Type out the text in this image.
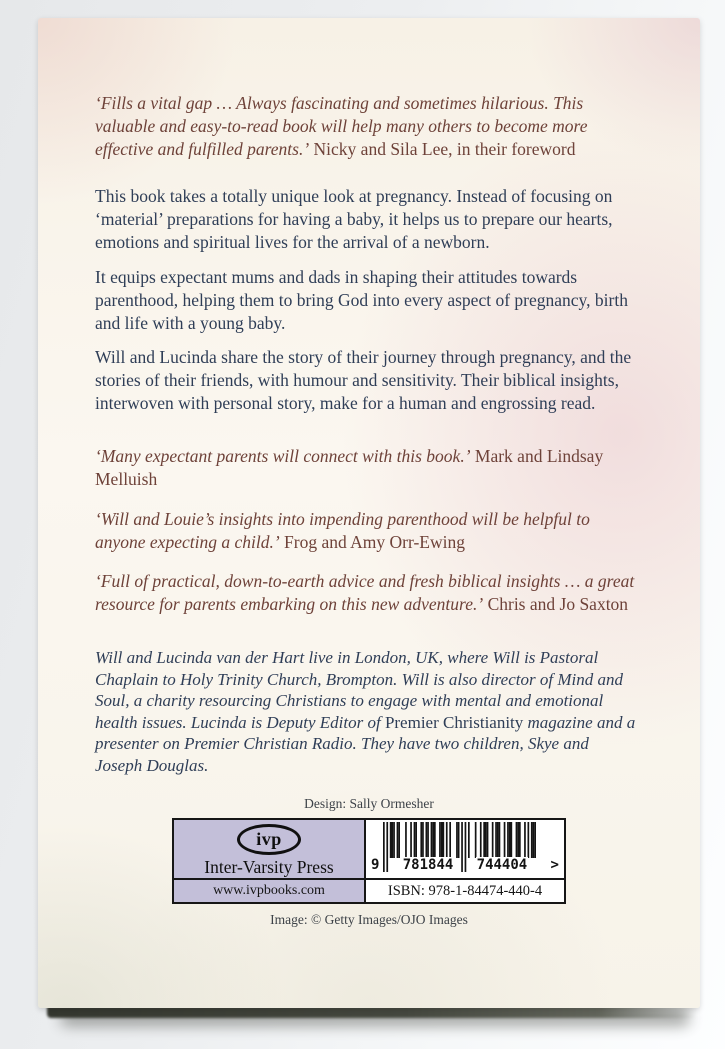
‘Fills a vital gap … Always fascinating and sometimes hilarious. This valuable and easy-to-read book will help many others to become more effective and fulfilled parents.’ Nicky and Sila Lee, in their foreword

This book takes a totally unique look at pregnancy. Instead of focusing on ‘material’ preparations for having a baby, it helps us to prepare our hearts, emotions and spiritual lives for the arrival of a newborn.

It equips expectant mums and dads in shaping their attitudes towards parenthood, helping them to bring God into every aspect of pregnancy, birth and life with a young baby.

Will and Lucinda share the story of their journey through pregnancy, and the stories of their friends, with humour and sensitivity. Their biblical insights, interwoven with personal story, make for a human and engrossing read.

‘Many expectant parents will connect with this book.’ Mark and Lindsay Melluish

‘Will and Louie’s insights into impending parenthood will be helpful to anyone expecting a child.’ Frog and Amy Orr-Ewing

‘Full of practical, down-to-earth advice and fresh biblical insights … a great resource for parents embarking on this new adventure.’ Chris and Jo Saxton

Will and Lucinda van der Hart live in London, UK, where Will is Pastoral Chaplain to Holy Trinity Church, Brompton. Will is also director of Mind and Soul, a charity resourcing Christians to engage with mental and emotional health issues. Lucinda is Deputy Editor of Premier Christianity magazine and a presenter on Premier Christian Radio. They have two children, Skye and Joseph Douglas.

Design: Sally Ormesher
ivp
Inter-Varsity Press	9 781844 744404 >
www.ivpbooks.com	ISBN: 978-1-84474-440-4
Image: © Getty Images/OJO Images
